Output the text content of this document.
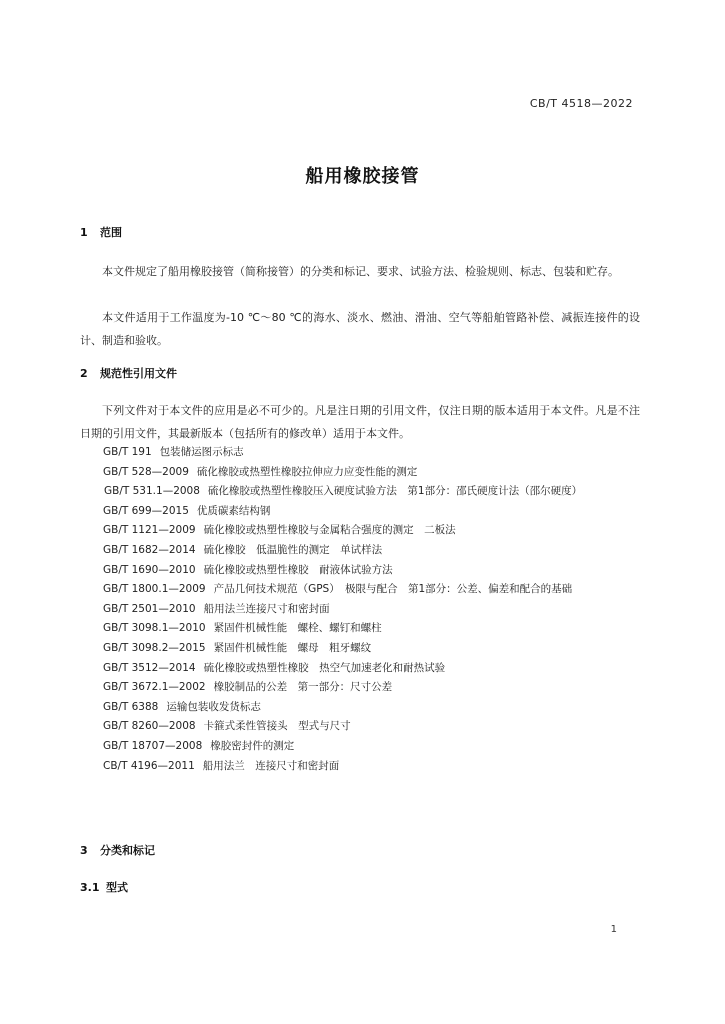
CB/T 4518—2022
船用橡胶接管
1 范围
本文件规定了船用橡胶接管（简称接管）的分类和标记、要求、试验方法、检验规则、标志、包装和贮存。
本文件适用于工作温度为-10 ℃～80 ℃的海水、淡水、燃油、滑油、空气等船舶管路补偿、减振连接件的设计、制造和验收。
2 规范性引用文件
下列文件对于本文件的应用是必不可少的。凡是注日期的引用文件，仅注日期的版本适用于本文件。凡是不注日期的引用文件，其最新版本（包括所有的修改单）适用于本文件。
GB/T 191 包装储运图示标志
GB/T 528—2009 硫化橡胶或热塑性橡胶拉伸应力应变性能的测定
GB/T 531.1—2008 硫化橡胶或热塑性橡胶压入硬度试验方法　第1部分：邵氏硬度计法（邵尔硬度）
GB/T 699—2015 优质碳素结构钢
GB/T 1121—2009 硫化橡胶或热塑性橡胶与金属粘合强度的测定　二板法
GB/T 1682—2014 硫化橡胶　低温脆性的测定　单试样法
GB/T 1690—2010 硫化橡胶或热塑性橡胶　耐液体试验方法
GB/T 1800.1—2009 产品几何技术规范（GPS）　极限与配合　第1部分：公差、偏差和配合的基础
GB/T 2501—2010 船用法兰连接尺寸和密封面
GB/T 3098.1—2010 紧固件机械性能　螺栓、螺钉和螺柱
GB/T 3098.2—2015 紧固件机械性能　螺母　粗牙螺纹
GB/T 3512—2014 硫化橡胶或热塑性橡胶　热空气加速老化和耐热试验
GB/T 3672.1—2002 橡胶制品的公差　第一部分：尺寸公差
GB/T 6388 运输包装收发货标志
GB/T 8260—2008 卡箍式柔性管接头　型式与尺寸
GB/T 18707—2008 橡胶密封件的测定
CB/T 4196—2011 船用法兰　连接尺寸和密封面
3 分类和标记
3.1 型式
1
